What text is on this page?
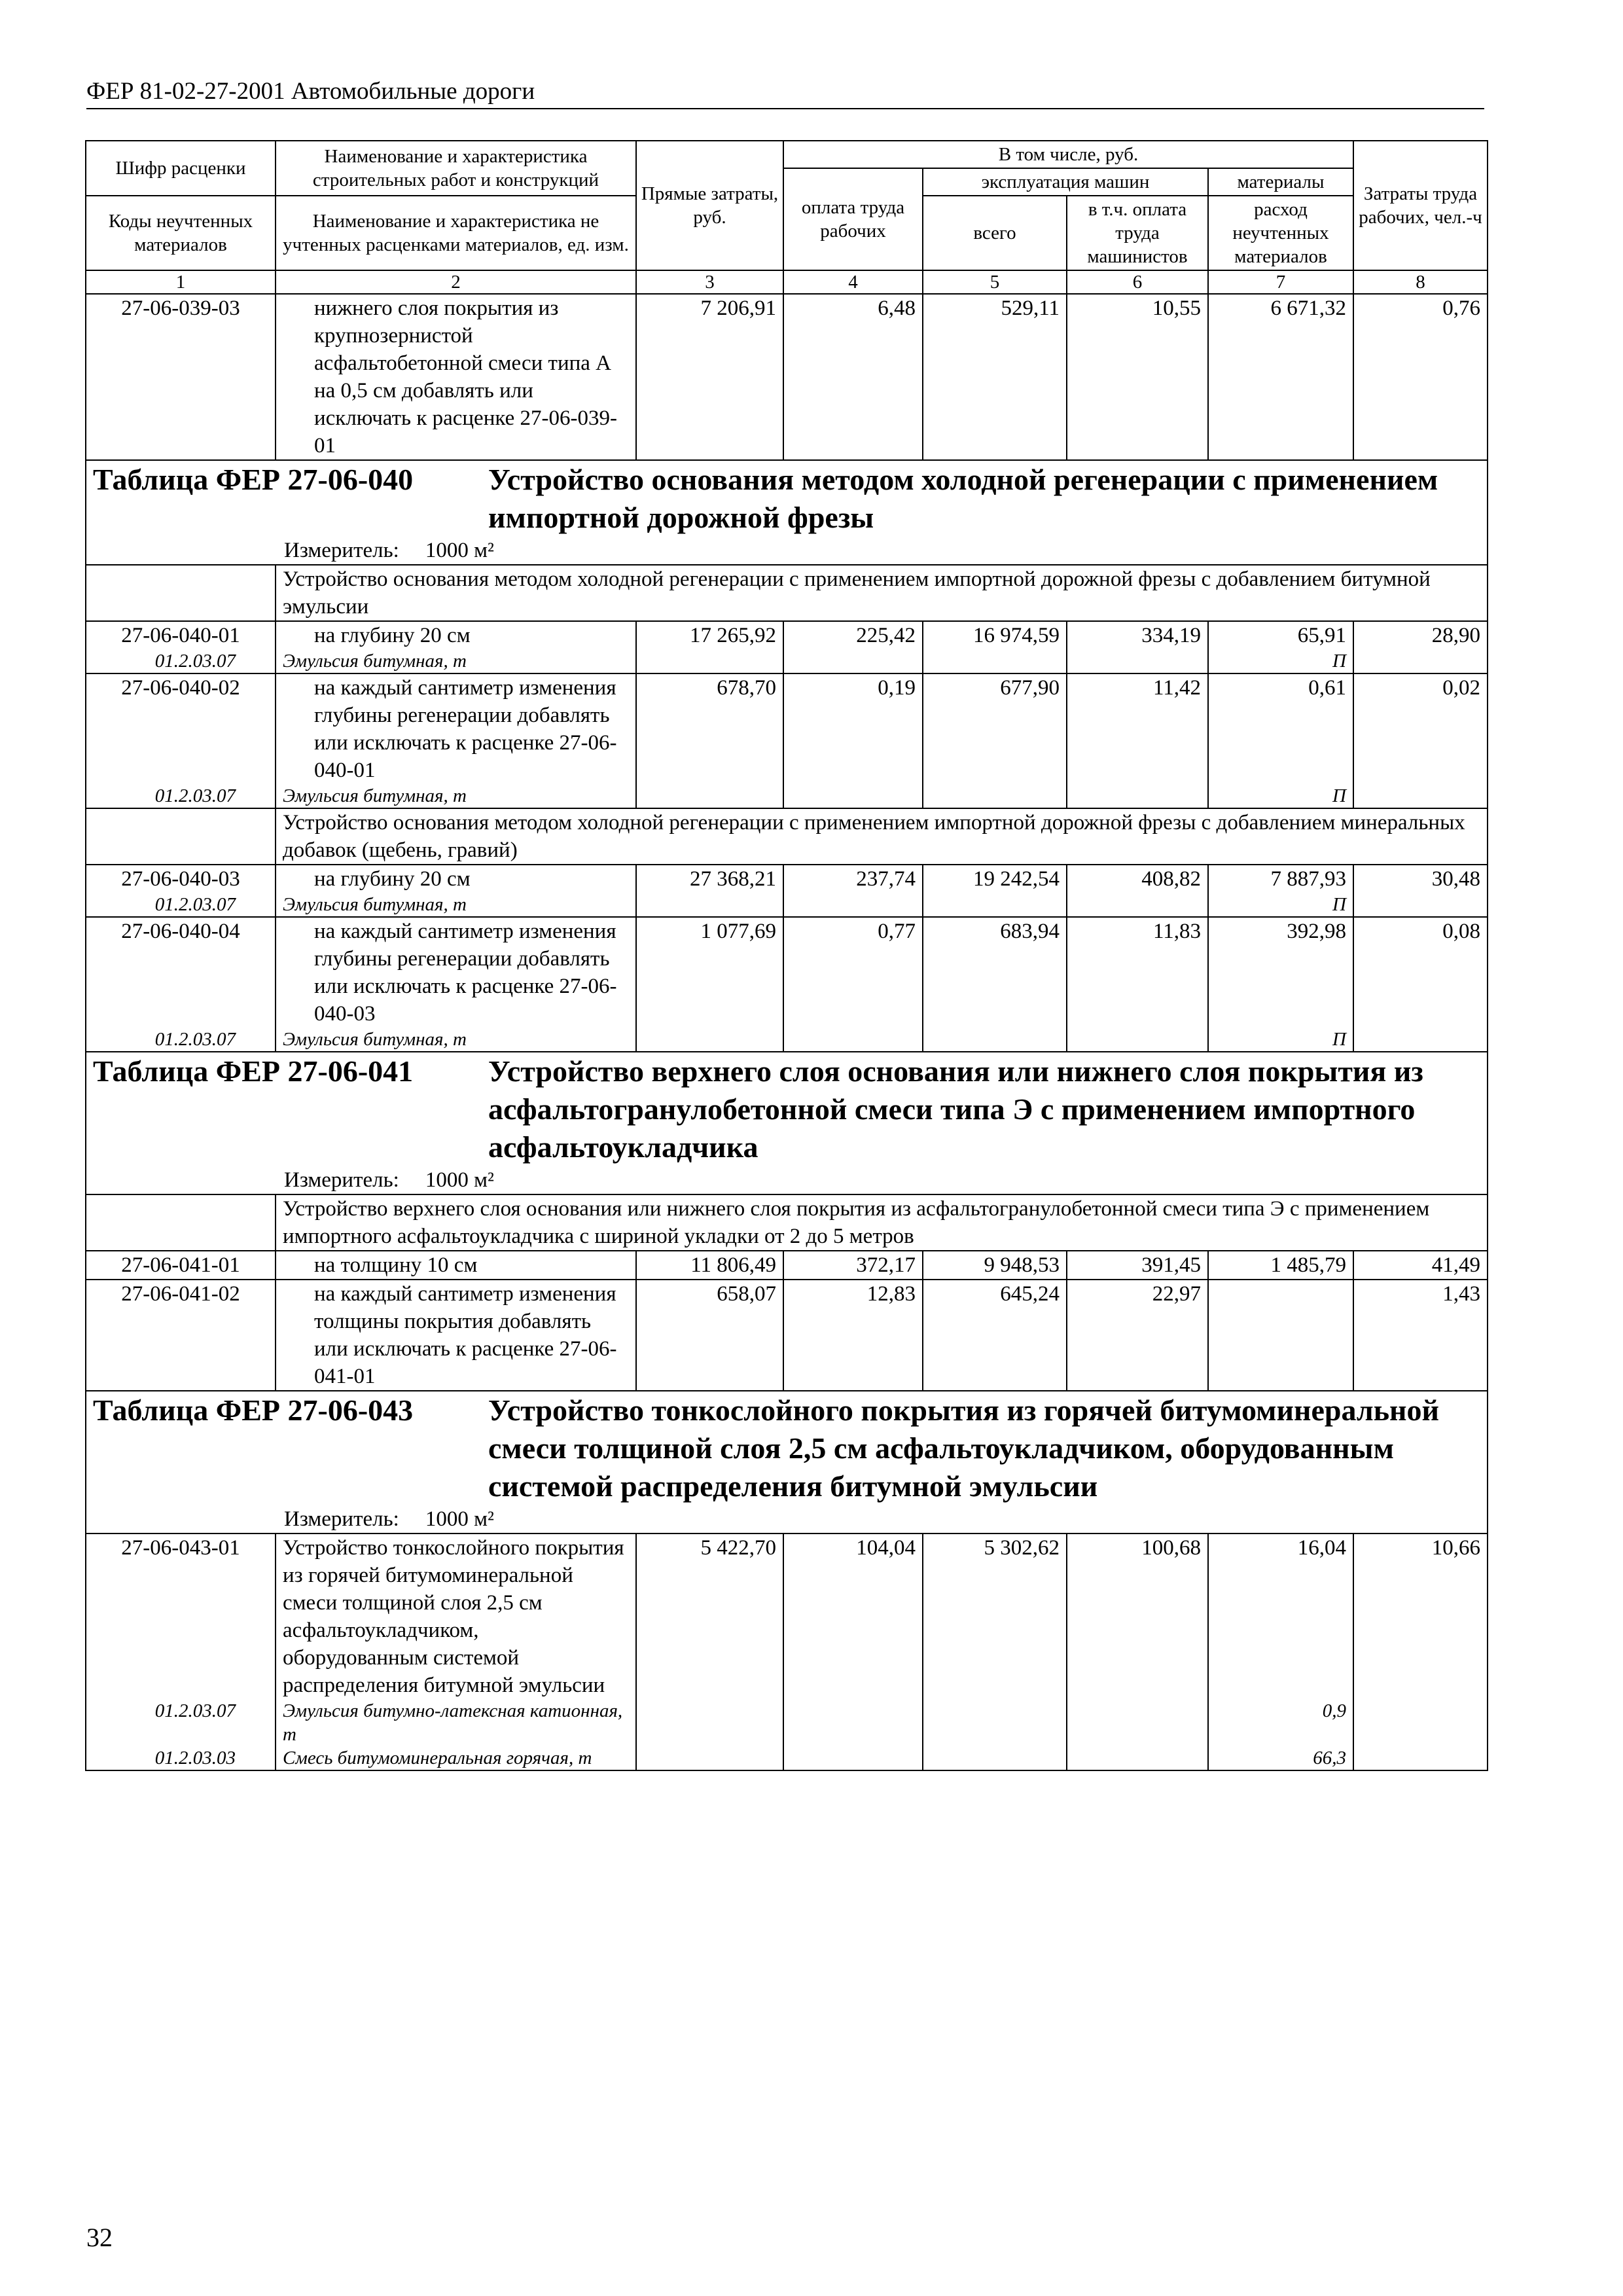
ФЕР 81-02-27-2001 Автомобильные дороги
Шифр расценки	Наименование и характеристика строительных работ и конструкций	Прямые затраты, руб.	В том числе, руб.				Затраты труда рабочих, чел.-ч
			оплата труда рабочих	эксплуатация машин		материалы	
Коды неучтенных материалов	Наименование и характеристика не учтенных расценками материалов, ед. изм.			всего	в т.ч. оплата труда машинистов	расход неучтенных материалов	

1	2	3	4	5	6	7	8
27-06-039-03	нижнего слоя покрытия из крупнозернистой асфальтобетонной смеси типа А на 0,5 см добавлять или исключать к расценке 27-06-039-01	7 206,91	6,48	529,11	10,55	6 671,32	0,76

Таблица ФЕР 27-06-040 Устройство основания методом холодной регенерации с применением импортной дорожной фрезы
Измеритель: 1000 м²							

	Устройство основания методом холодной регенерации с применением импортной дорожной фрезы с добавлением битумной эмульсии						
27-06-040-01	на глубину 20 см	17 265,92	225,42	16 974,59	334,19	65,91	28,90
01.2.03.07	Эмульсия битумная, т					П	
27-06-040-02	на каждый сантиметр изменения глубины регенерации добавлять или исключать к расценке 27-06-040-01	678,70	0,19	677,90	11,42	0,61	0,02
01.2.03.07	Эмульсия битумная, т					П	
	Устройство основания методом холодной регенерации с применением импортной дорожной фрезы с добавлением минеральных добавок (щебень, гравий)						
27-06-040-03	на глубину 20 см	27 368,21	237,74	19 242,54	408,82	7 887,93	30,48
01.2.03.07	Эмульсия битумная, т					П	
27-06-040-04	на каждый сантиметр изменения глубины регенерации добавлять или исключать к расценке 27-06-040-03	1 077,69	0,77	683,94	11,83	392,98	0,08
01.2.03.07	Эмульсия битумная, т					П	

Таблица ФЕР 27-06-041 Устройство верхнего слоя основания или нижнего слоя покрытия из асфальтогранулобетонной смеси типа Э с применением импортного асфальтоукладчика
Измеритель: 1000 м²							

	Устройство верхнего слоя основания или нижнего слоя покрытия из асфальтогранулобетонной смеси типа Э с применением импортного асфальтоукладчика с шириной укладки от 2 до 5 метров						
27-06-041-01	на толщину 10 см	11 806,49	372,17	9 948,53	391,45	1 485,79	41,49
27-06-041-02	на каждый сантиметр изменения толщины покрытия добавлять или исключать к расценке 27-06-041-01	658,07	12,83	645,24	22,97		1,43

Таблица ФЕР 27-06-043 Устройство тонкослойного покрытия из горячей битумоминеральной смеси толщиной слоя 2,5 см асфальтоукладчиком, оборудованным системой распределения битумной эмульсии
Измеритель: 1000 м²							

27-06-043-01	Устройство тонкослойного покрытия из горячей битумоминеральной смеси толщиной слоя 2,5 см асфальтоукладчиком, оборудованным системой распределения битумной эмульсии	5 422,70	104,04	5 302,62	100,68	16,04	10,66
01.2.03.07	Эмульсия битумно-латексная катионная, т					0,9	
01.2.03.03	Смесь битумоминеральная горячая, т					66,3	
32
